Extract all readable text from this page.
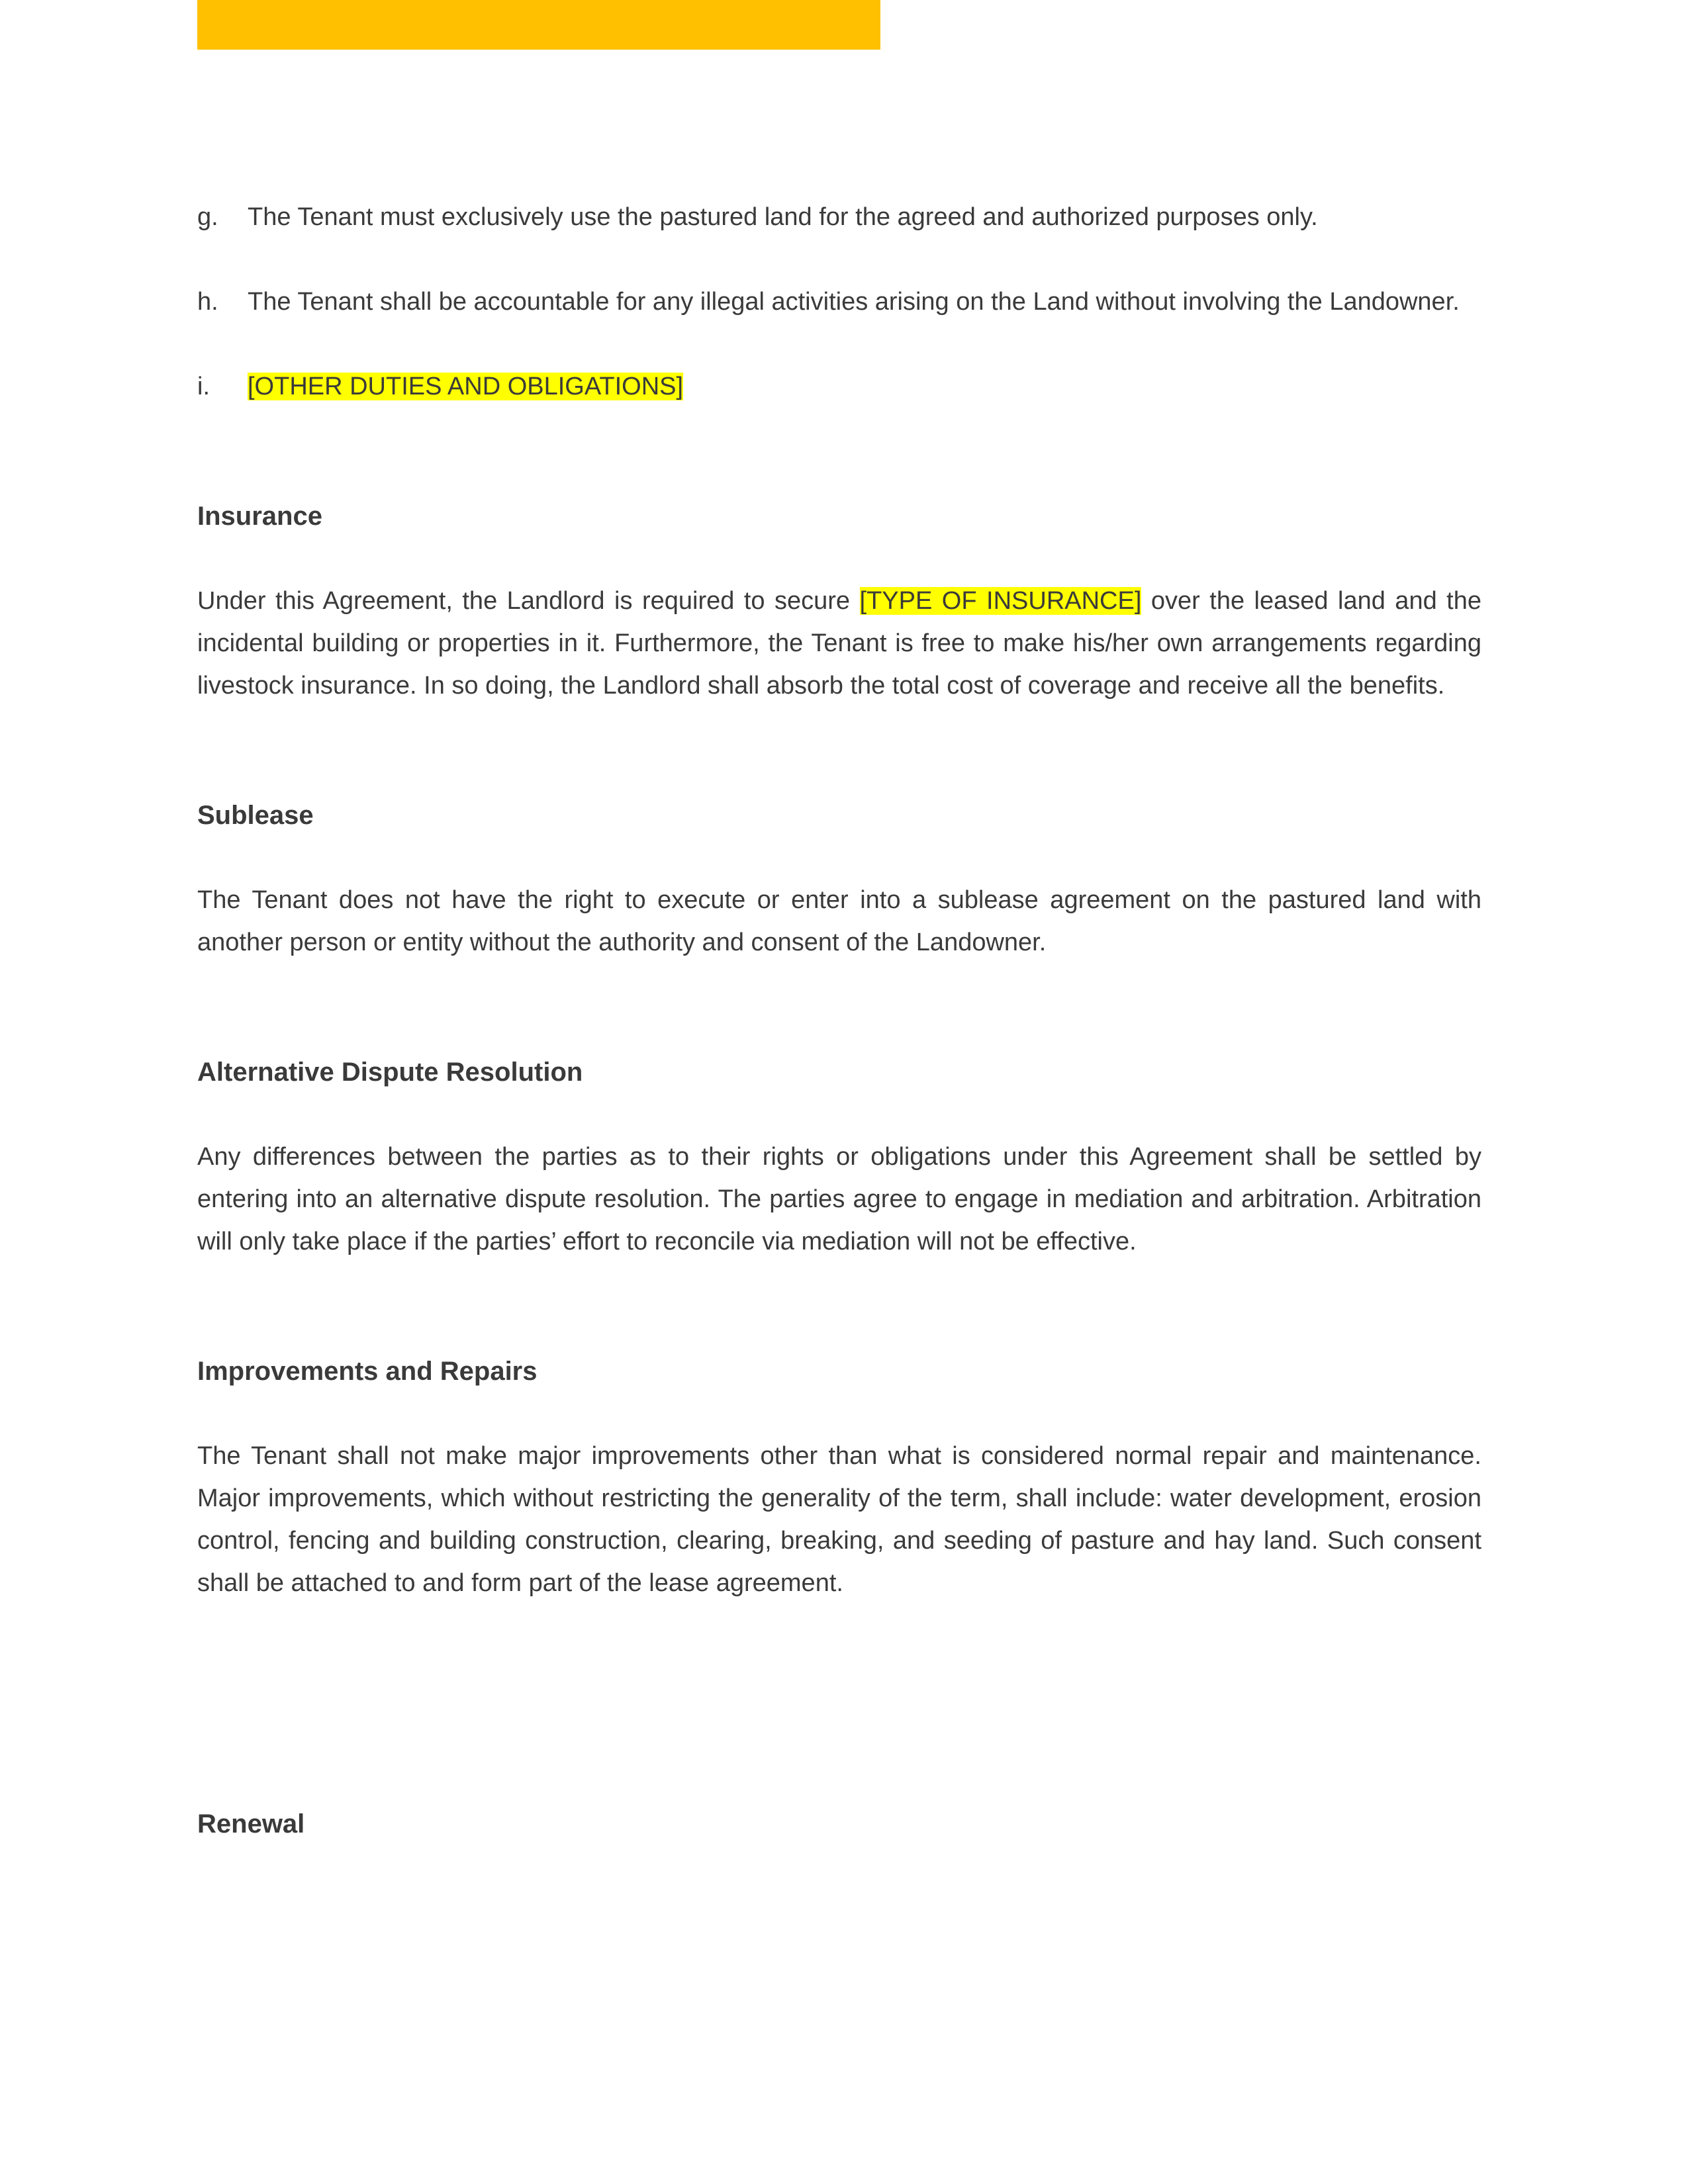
g.	The Tenant must exclusively use the pastured land for the agreed and authorized purposes only.
h.	The Tenant shall be accountable for any illegal activities arising on the Land without involving the Landowner.
i.	[OTHER DUTIES AND OBLIGATIONS]
Insurance

Under this Agreement, the Landlord is required to secure [TYPE OF INSURANCE] over the leased land and the incidental building or properties in it. Furthermore, the Tenant is free to make his/her own arrangements regarding livestock insurance. In so doing, the Landlord shall absorb the total cost of coverage and receive all the benefits.

Sublease

The Tenant does not have the right to execute or enter into a sublease agreement on the pastured land with another person or entity without the authority and consent of the Landowner.

Alternative Dispute Resolution

Any differences between the parties as to their rights or obligations under this Agreement shall be settled by entering into an alternative dispute resolution. The parties agree to engage in mediation and arbitration. Arbitration will only take place if the parties’ effort to reconcile via mediation will not be effective.

Improvements and Repairs

The Tenant shall not make major improvements other than what is considered normal repair and maintenance. Major improvements, which without restricting the generality of the term, shall include: water development, erosion control, fencing and building construction, clearing, breaking, and seeding of pasture and hay land. Such consent shall be attached to and form part of the lease agreement.

Renewal
